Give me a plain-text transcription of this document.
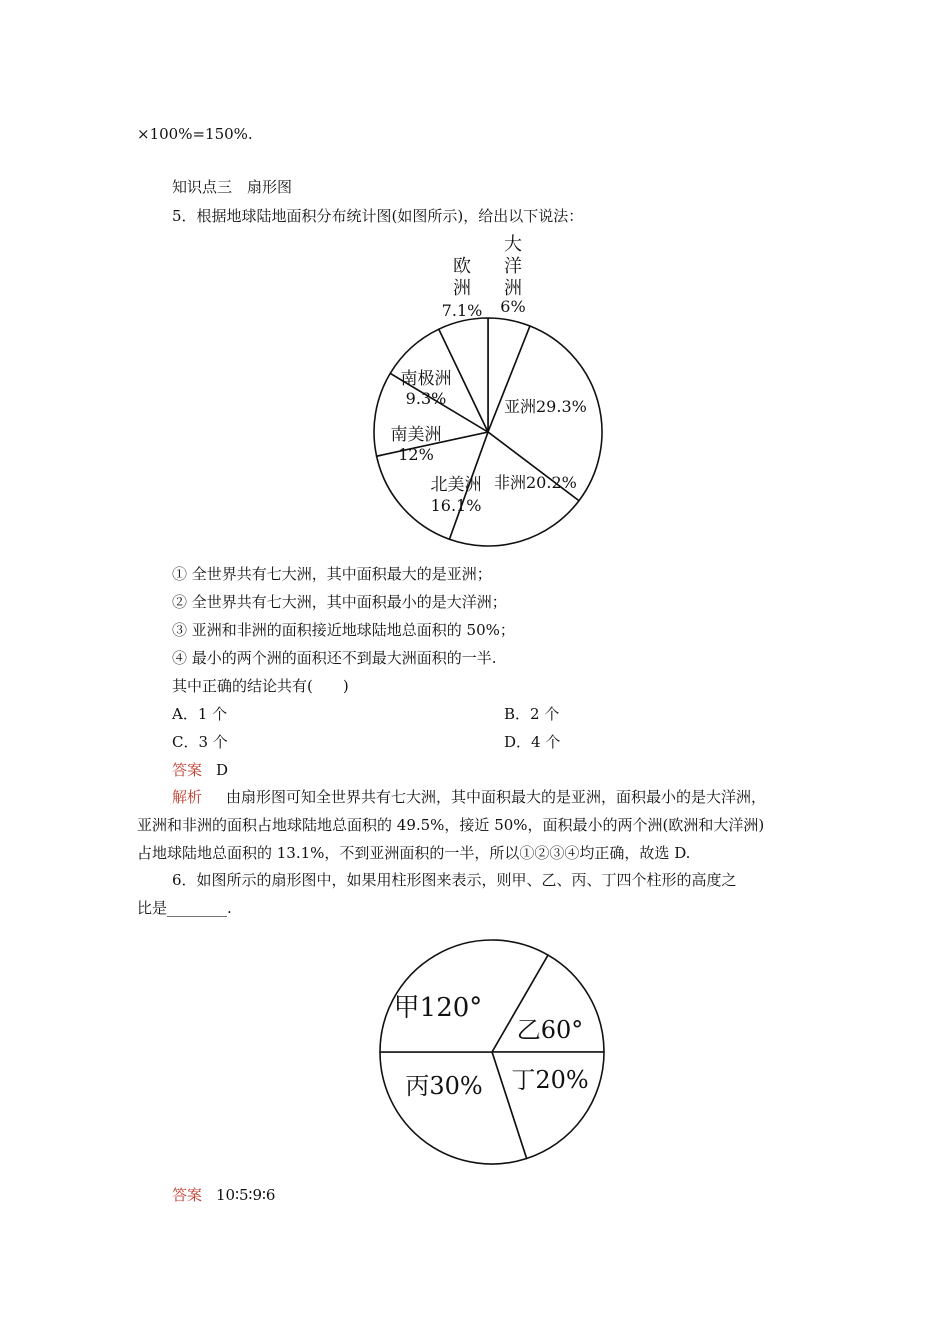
×100%=150%.
知识点三　扇形图
5．根据地球陆地面积分布统计图(如图所示)，给出以下说法：
大
洋
洲
6%
欧
洲
7.1%
亚洲29.3%
南极洲
9.3%
南美洲
12%
非洲20.2%
北美洲
16.1%
① 全世界共有七大洲，其中面积最大的是亚洲；
② 全世界共有七大洲，其中面积最小的是大洋洲；
③ 亚洲和非洲的面积接近地球陆地总面积的 50%；
④ 最小的两个洲的面积还不到最大洲面积的一半.
其中正确的结论共有(　　)
A．1 个	B．2 个
C．3 个	D．4 个
答案 D
解析 由扇形图可知全世界共有七大洲，其中面积最大的是亚洲，面积最小的是大洋洲，
亚洲和非洲的面积占地球陆地总面积的 49.5%，接近 50%，面积最小的两个洲(欧洲和大洋洲)
占地球陆地总面积的 13.1%，不到亚洲面积的一半，所以①②③④均正确，故选 D.
6．如图所示的扇形图中，如果用柱形图来表示，则甲、乙、丙、丁四个柱形的高度之
比是________.
甲120°
乙60°
丁20%
丙30%
答案 10∶5∶9∶6
